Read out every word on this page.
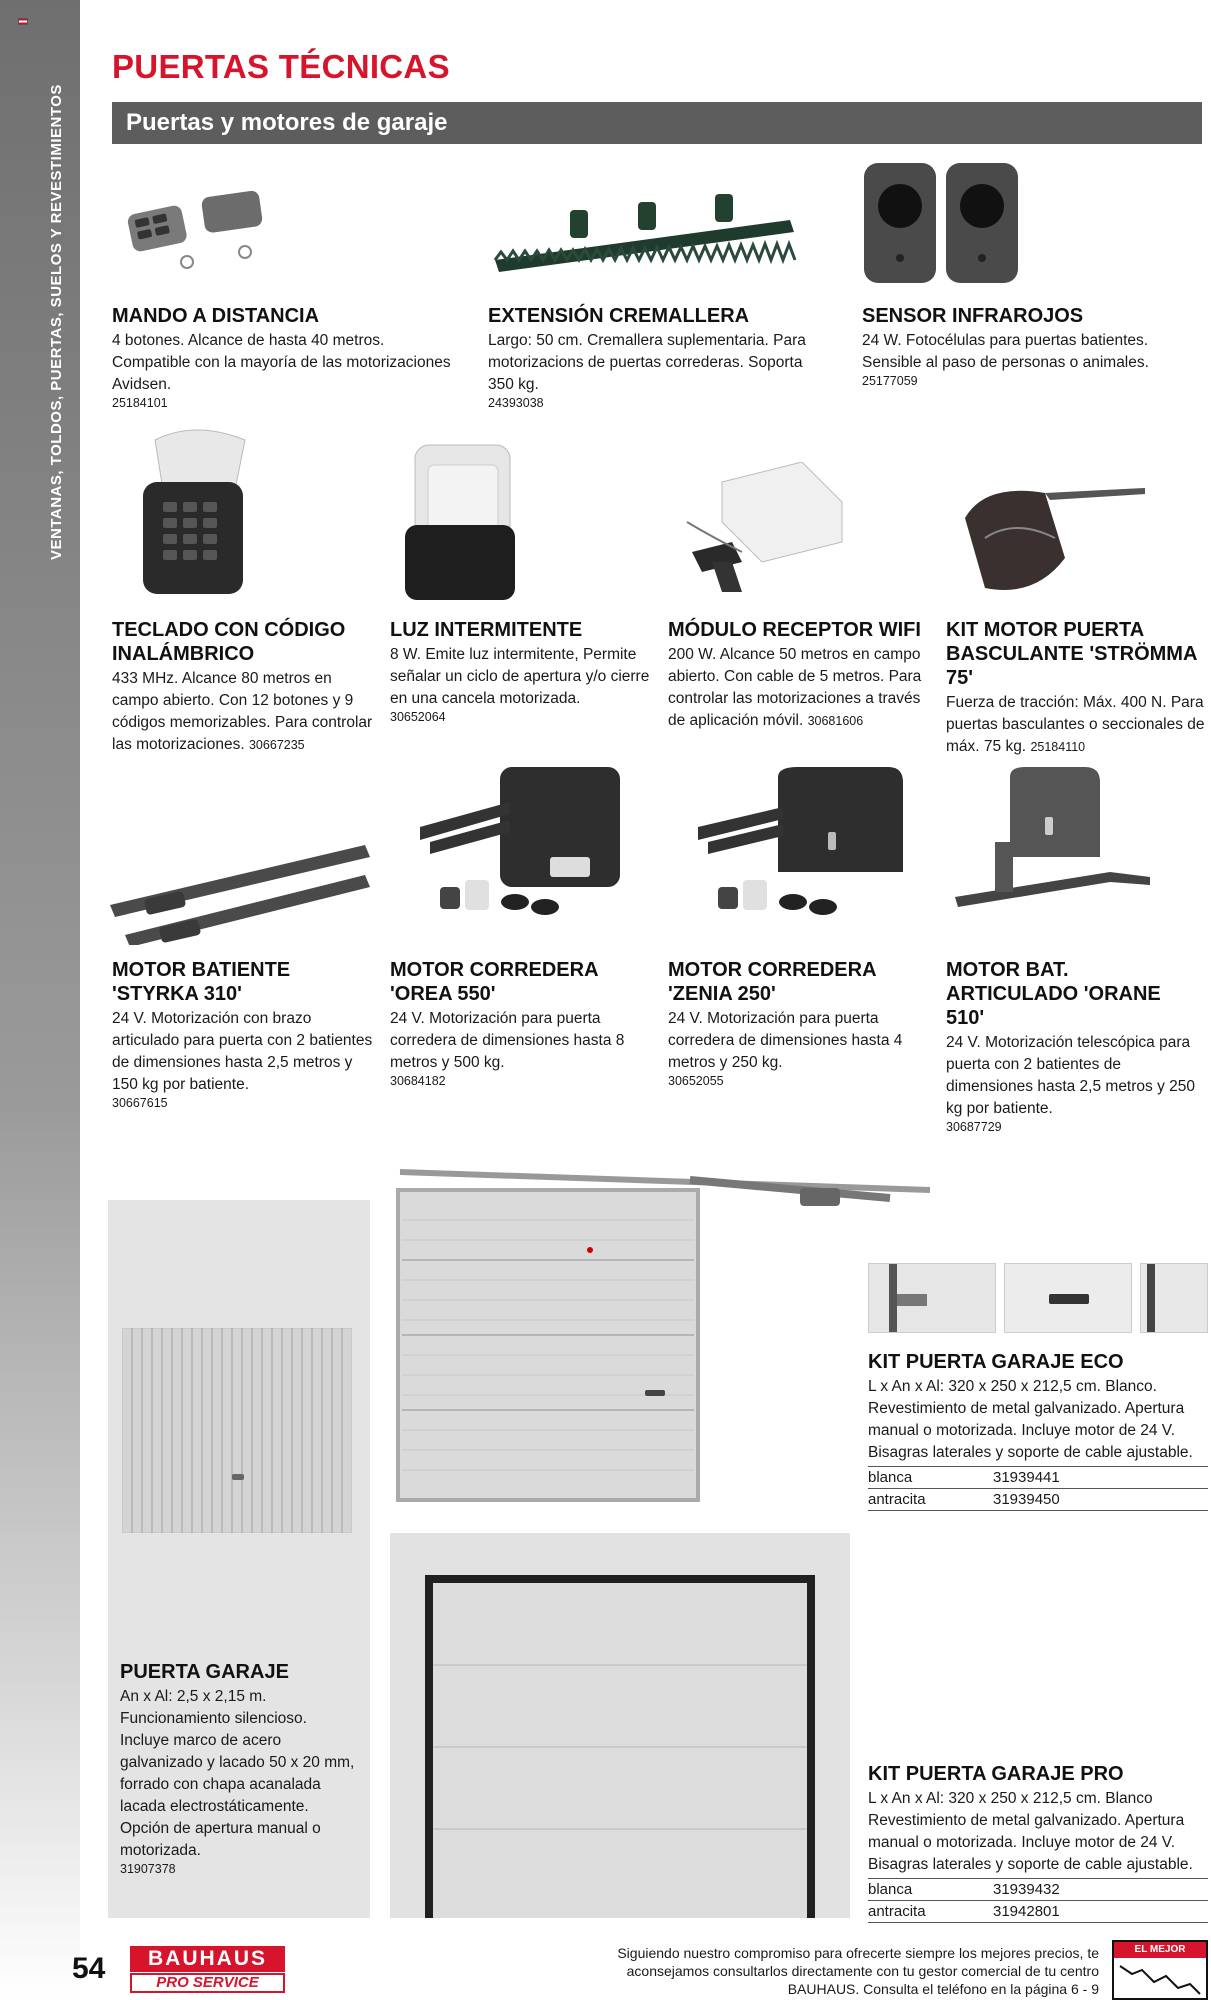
VENTANAS, TOLDOS, PUERTAS, SUELOS Y REVESTIMIENTOS
PUERTAS TÉCNICAS
Puertas y motores de garaje
MANDO A DISTANCIA
4 botones. Alcance de hasta 40 metros. Compatible con la mayoría de las motorizaciones Avidsen.
25184101
EXTENSIÓN CREMALLERA
Largo: 50 cm. Cremallera suplementaria. Para motorizacions de puertas correderas. Soporta 350 kg.
24393038
SENSOR INFRAROJOS
24 W. Fotocélulas para puertas batientes. Sensible al paso de personas o animales.
25177059
TECLADO CON CÓDIGO INALÁMBRICO
433 MHz. Alcance 80 metros en campo abierto. Con 12 botones y 9 códigos memorizables. Para controlar las motorizaciones. 30667235
LUZ INTERMITENTE
8 W. Emite luz intermitente, Permite señalar un ciclo de apertura y/o cierre en una cancela motorizada.
30652064
MÓDULO RECEPTOR WIFI
200 W. Alcance 50 metros en campo abierto. Con cable de 5 metros. Para controlar las motorizaciones a través de aplicación móvil. 30681606
KIT MOTOR PUERTA BASCULANTE 'STRÖMMA 75'
Fuerza de tracción: Máx. 400 N. Para puertas basculantes o seccionales de máx. 75 kg. 25184110
MOTOR BATIENTE 'STYRKA 310'
24 V. Motorización con brazo articulado para puerta con 2 batientes de dimensiones hasta 2,5 metros y 150 kg por batiente.
30667615
MOTOR CORREDERA 'OREA 550'
24 V. Motorización para puerta corredera de dimensiones hasta 8 metros y 500 kg.
30684182
MOTOR CORREDERA 'ZENIA 250'
24 V. Motorización para puerta corredera de dimensiones hasta 4 metros y 250 kg.
30652055
MOTOR BAT. ARTICULADO 'ORANE 510'
24 V. Motorización telescópica para puerta con 2 batientes de dimensiones hasta 2,5 metros y 250 kg por batiente.
30687729
PUERTA GARAJE
An x Al: 2,5 x 2,15 m. Funcionamiento silencioso. Incluye marco de acero galvanizado y lacado 50 x 20 mm, forrado con chapa acanalada lacada electrostáticamente. Opción de apertura manual o motorizada.
31907378
KIT PUERTA GARAJE ECO
L x An x Al: 320 x 250 x 212,5 cm. Blanco. Revestimiento de metal galvanizado. Apertura manual o motorizada. Incluye motor de 24 V. Bisagras laterales y soporte de cable ajustable.
blanca	31939441
antracita	31939450
KIT PUERTA GARAJE PRO
L x An x Al: 320 x 250 x 212,5 cm. Blanco Revestimiento de metal galvanizado. Apertura manual o motorizada. Incluye motor de 24 V. Bisagras laterales y soporte de cable ajustable.
blanca	31939432
antracita	31942801
54	BAUHAUS
PRO SERVICE
Siguiendo nuestro compromiso para ofrecerte siempre los mejores precios, te aconsejamos consultarlos directamente con tu gestor comercial de tu centro BAUHAUS. Consulta el teléfono en la página 6 - 9
EL MEJOR PRECIO
